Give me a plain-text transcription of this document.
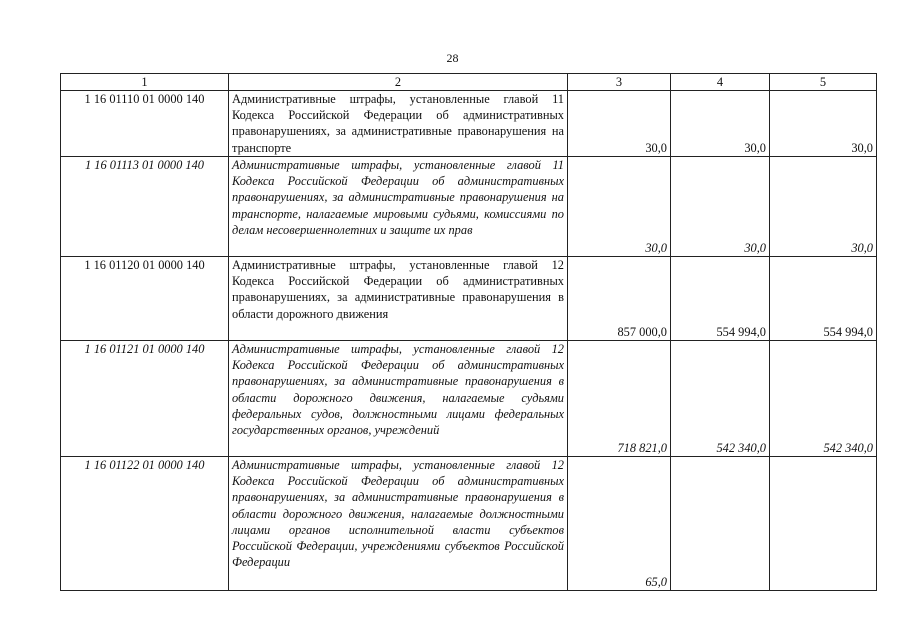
28
1	2	3	4	5
1 16 01110 01 0000 140	Административные штрафы, установленные главой 11 Кодекса Российской Федерации об административных правонарушениях, за административные правонарушения на транспорте	30,0	30,0	30,0
1 16 01113 01 0000 140	Административные штрафы, установленные главой 11 Кодекса Российской Федерации об административных правонарушениях, за административные правонарушения на транспорте, налагаемые мировыми судьями, комиссиями по делам несовершеннолетних и защите их прав	30,0	30,0	30,0
1 16 01120 01 0000 140	Административные штрафы, установленные главой 12 Кодекса Российской Федерации об административных правонарушениях, за административные правонарушения в области дорожного движения	857 000,0	554 994,0	554 994,0
1 16 01121 01 0000 140	Административные штрафы, установленные главой 12 Кодекса Российской Федерации об административных правонарушениях, за административные правонарушения в области дорожного движения, налагаемые судьями федеральных судов, должностными лицами федеральных государственных органов, учреждений	718 821,0	542 340,0	542 340,0
1 16 01122 01 0000 140	Административные штрафы, установленные главой 12 Кодекса Российской Федерации об административных правонарушениях, за административные правонарушения в области дорожного движения, налагаемые должностными лицами органов исполнительной власти субъектов Российской Федерации, учреждениями субъектов Российской Федерации	65,0		
